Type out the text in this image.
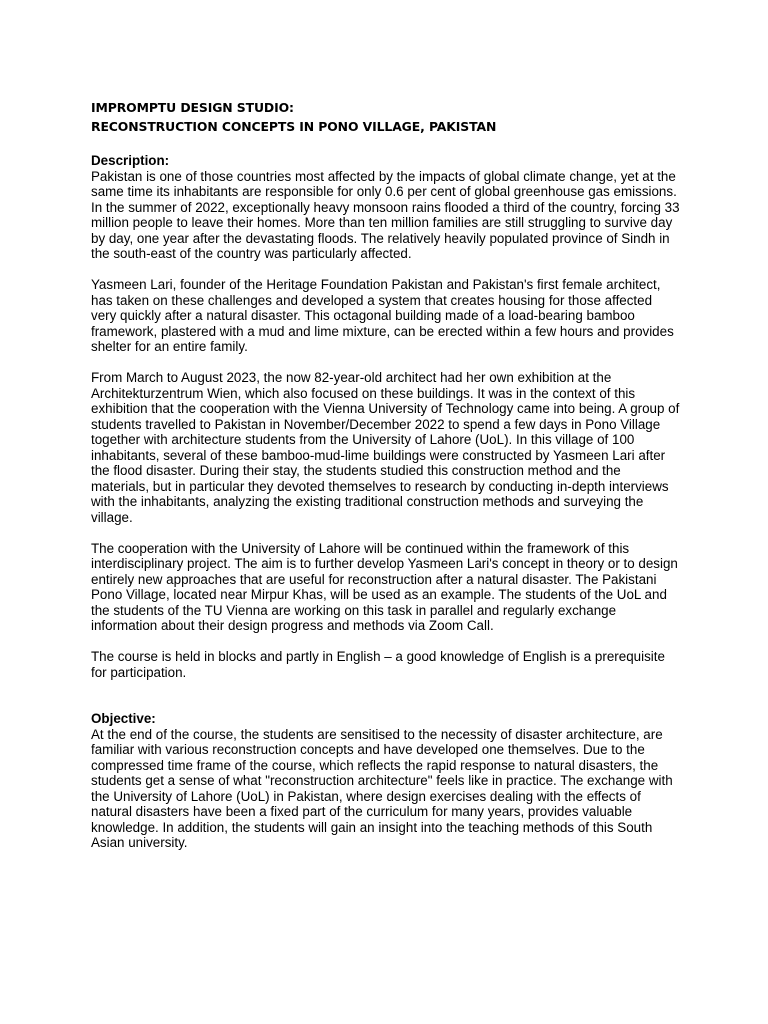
IMPROMPTU DESIGN STUDIO:
RECONSTRUCTION CONCEPTS IN PONO VILLAGE, PAKISTAN
Description:

Pakistan is one of those countries most affected by the impacts of global climate change, yet at the same time its inhabitants are responsible for only 0.6 per cent of global greenhouse gas emissions. In the summer of 2022, exceptionally heavy monsoon rains flooded a third of the country, forcing 33 million people to leave their homes. More than ten million families are still struggling to survive day by day, one year after the devastating floods. The relatively heavily populated province of Sindh in the south-east of the country was particularly affected.

Yasmeen Lari, founder of the Heritage Foundation Pakistan and Pakistan's first female architect, has taken on these challenges and developed a system that creates housing for those affected very quickly after a natural disaster. This octagonal building made of a load-bearing bamboo framework, plastered with a mud and lime mixture, can be erected within a few hours and provides shelter for an entire family.

From March to August 2023, the now 82-year-old architect had her own exhibition at the Architekturzentrum Wien, which also focused on these buildings. It was in the context of this exhibition that the cooperation with the Vienna University of Technology came into being. A group of students travelled to Pakistan in November/December 2022 to spend a few days in Pono Village together with architecture students from the University of Lahore (UoL). In this village of 100 inhabitants, several of these bamboo-mud-lime buildings were constructed by Yasmeen Lari after the flood disaster. During their stay, the students studied this construction method and the materials, but in particular they devoted themselves to research by conducting in-depth interviews with the inhabitants, analyzing the existing traditional construction methods and surveying the village.

The cooperation with the University of Lahore will be continued within the framework of this interdisciplinary project. The aim is to further develop Yasmeen Lari's concept in theory or to design entirely new approaches that are useful for reconstruction after a natural disaster. The Pakistani Pono Village, located near Mirpur Khas, will be used as an example. The students of the UoL and the students of the TU Vienna are working on this task in parallel and regularly exchange information about their design progress and methods via Zoom Call.

The course is held in blocks and partly in English – a good knowledge of English is a prerequisite for participation.

Objective:

At the end of the course, the students are sensitised to the necessity of disaster architecture, are familiar with various reconstruction concepts and have developed one themselves. Due to the compressed time frame of the course, which reflects the rapid response to natural disasters, the students get a sense of what "reconstruction architecture" feels like in practice. The exchange with the University of Lahore (UoL) in Pakistan, where design exercises dealing with the effects of natural disasters have been a fixed part of the curriculum for many years, provides valuable knowledge. In addition, the students will gain an insight into the teaching methods of this South Asian university.
